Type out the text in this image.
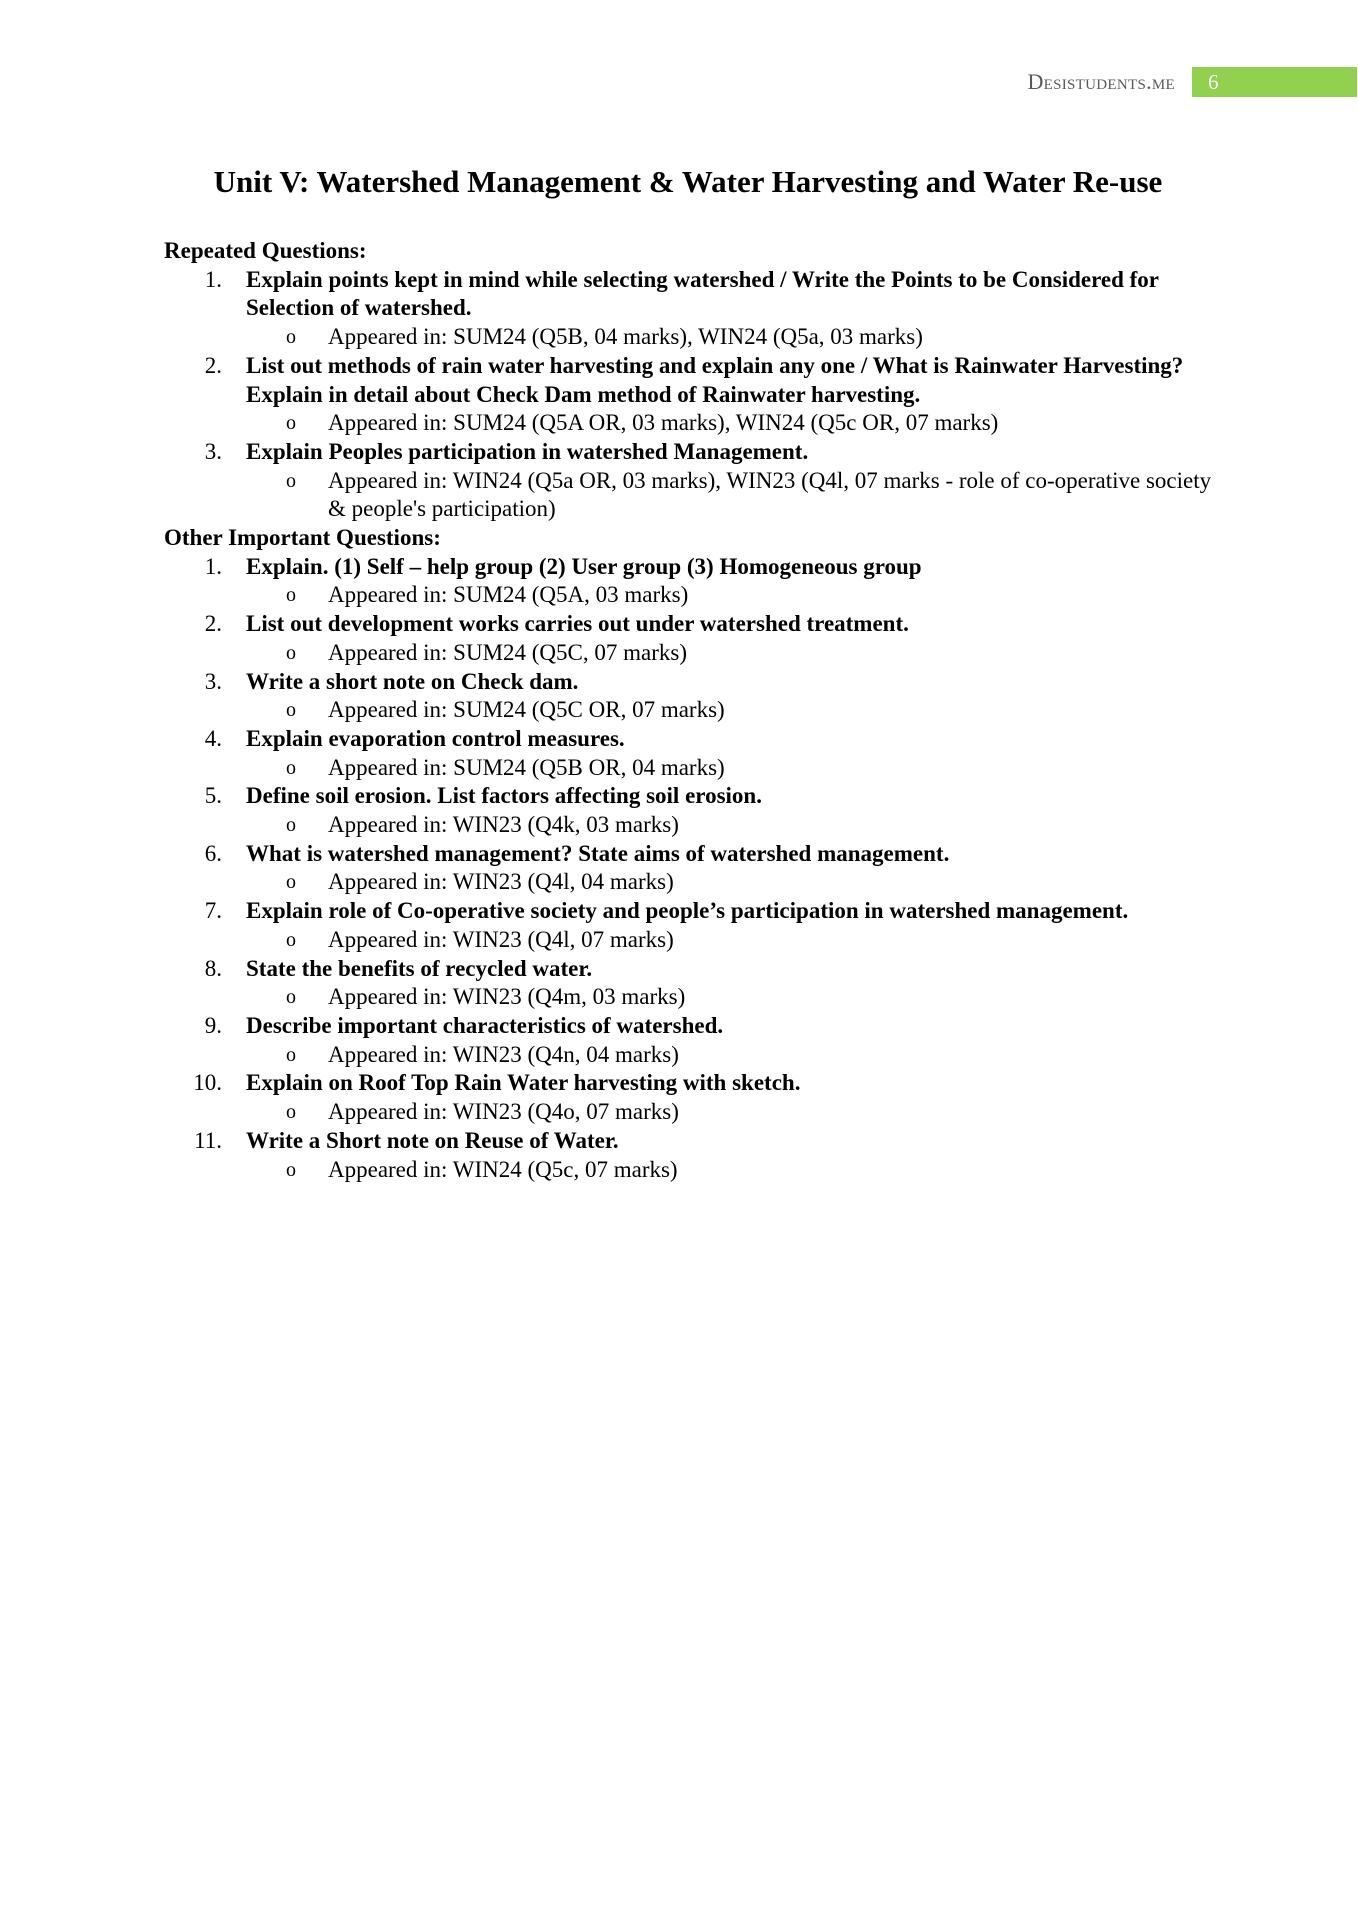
Desistudents.me	6
Unit V: Watershed Management & Water Harvesting and Water Re-use
Repeated Questions:
1. Explain points kept in mind while selecting watershed / Write the Points to be Considered for Selection of watershed.
o Appeared in: SUM24 (Q5B, 04 marks), WIN24 (Q5a, 03 marks)
2. List out methods of rain water harvesting and explain any one / What is Rainwater Harvesting? Explain in detail about Check Dam method of Rainwater harvesting.
o Appeared in: SUM24 (Q5A OR, 03 marks), WIN24 (Q5c OR, 07 marks)
3. Explain Peoples participation in watershed Management.
o Appeared in: WIN24 (Q5a OR, 03 marks), WIN23 (Q4l, 07 marks - role of co-operative society & people's participation)
Other Important Questions:
1. Explain. (1) Self – help group (2) User group (3) Homogeneous group
o Appeared in: SUM24 (Q5A, 03 marks)
2. List out development works carries out under watershed treatment.
o Appeared in: SUM24 (Q5C, 07 marks)
3. Write a short note on Check dam.
o Appeared in: SUM24 (Q5C OR, 07 marks)
4. Explain evaporation control measures.
o Appeared in: SUM24 (Q5B OR, 04 marks)
5. Define soil erosion. List factors affecting soil erosion.
o Appeared in: WIN23 (Q4k, 03 marks)
6. What is watershed management? State aims of watershed management.
o Appeared in: WIN23 (Q4l, 04 marks)
7. Explain role of Co-operative society and people’s participation in watershed management.
o Appeared in: WIN23 (Q4l, 07 marks)
8. State the benefits of recycled water.
o Appeared in: WIN23 (Q4m, 03 marks)
9. Describe important characteristics of watershed.
o Appeared in: WIN23 (Q4n, 04 marks)
10. Explain on Roof Top Rain Water harvesting with sketch.
o Appeared in: WIN23 (Q4o, 07 marks)
11. Write a Short note on Reuse of Water.
o Appeared in: WIN24 (Q5c, 07 marks)
